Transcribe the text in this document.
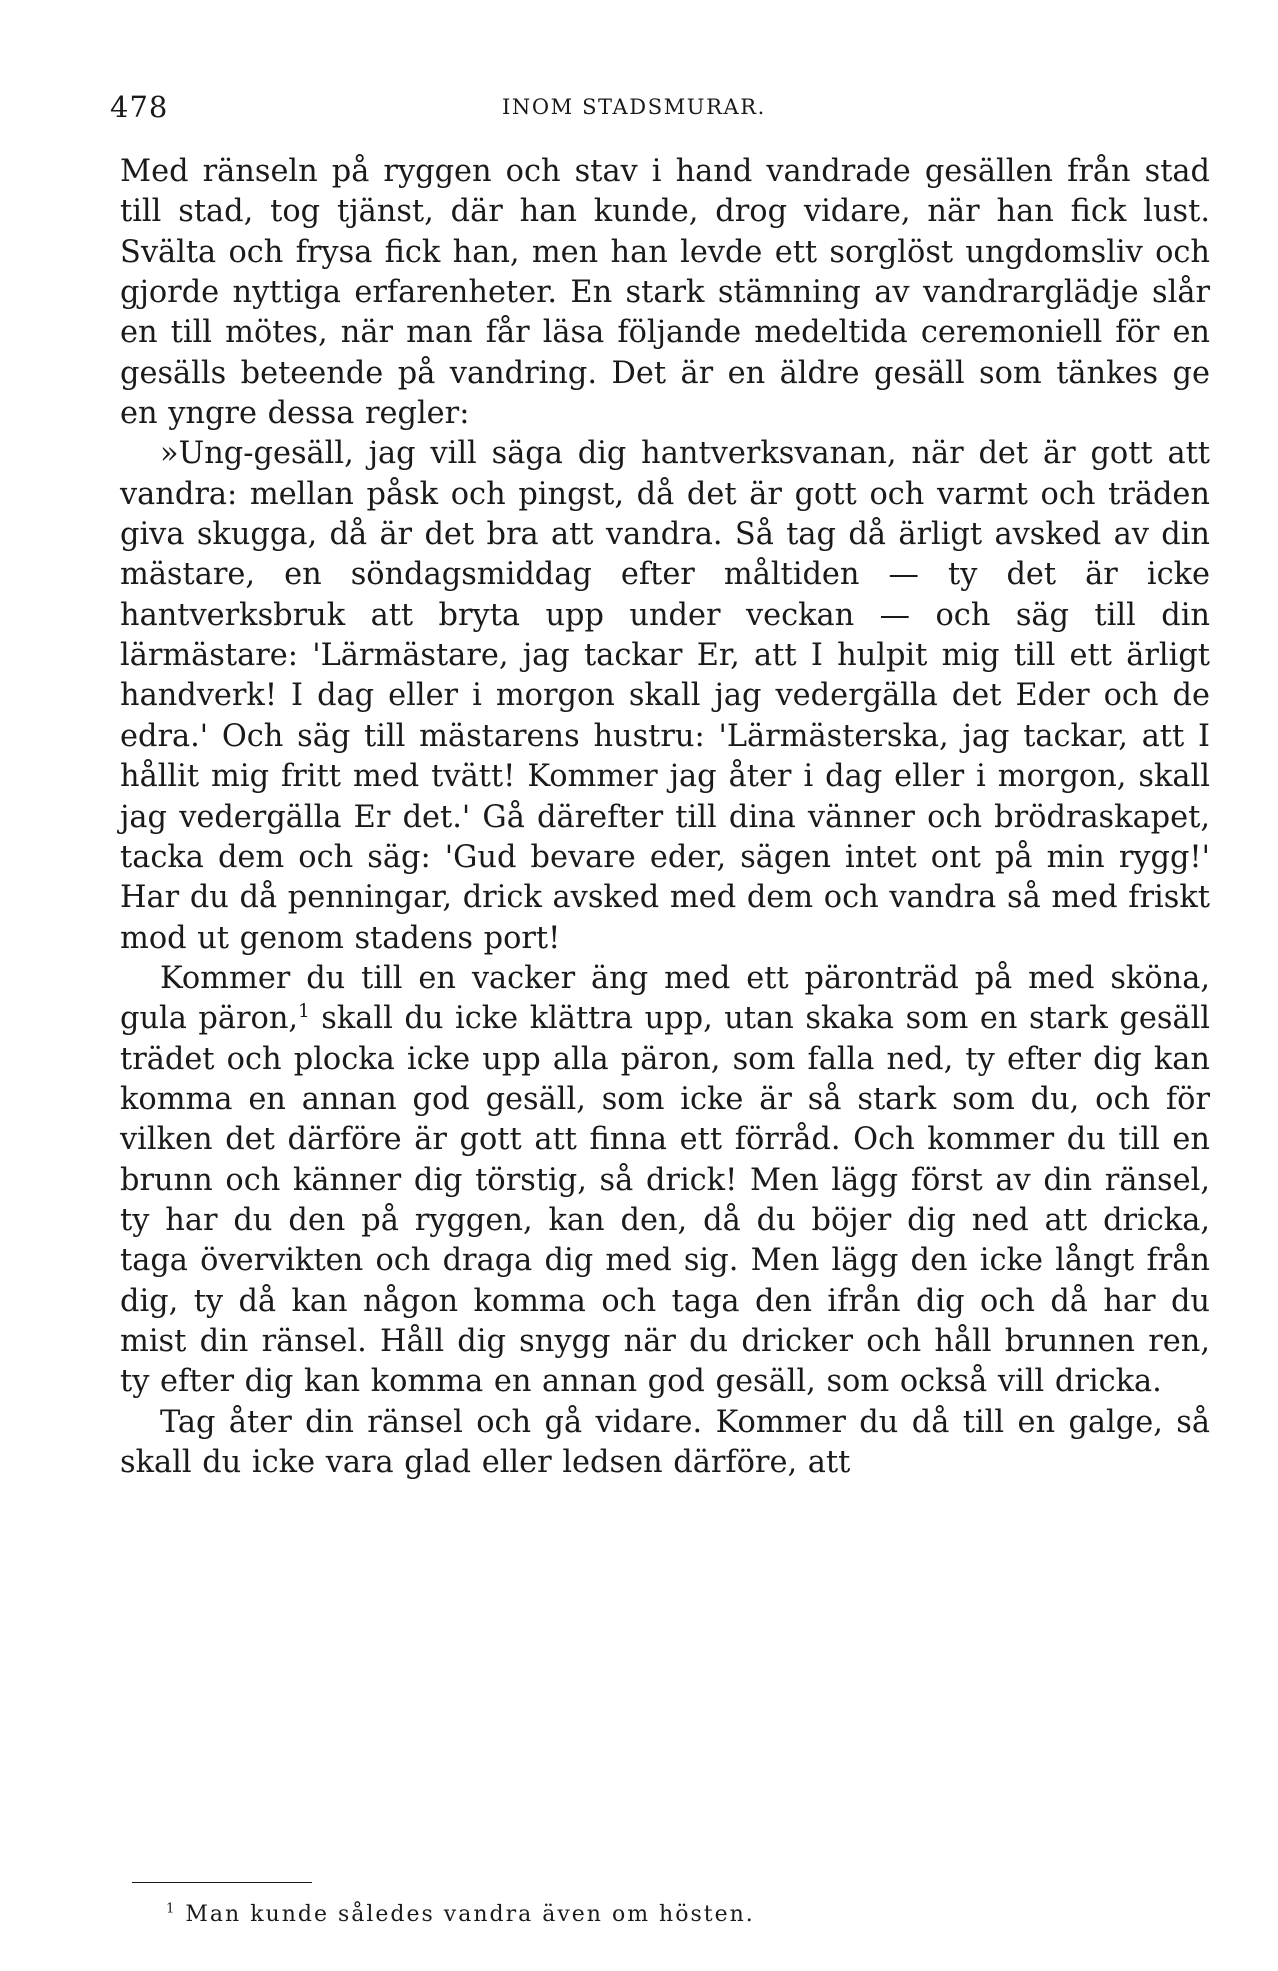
478	INOM STADSMURAR.

Med ränseln på ryggen och stav i hand vandrade gesällen från stad till stad, tog tjänst, där han kunde, drog vidare, när han fick lust. Svälta och frysa fick han, men han levde ett sorglöst ungdomsliv och gjorde nyttiga erfarenheter. En stark stämning av vandrarglädje slår en till mötes, när man får läsa följande medeltida ceremoniell för en gesälls beteende på vandring. Det är en äldre gesäll som tänkes ge en yngre dessa regler:

»Ung-gesäll, jag vill säga dig hantverksvanan, när det är gott att vandra: mellan påsk och pingst, då det är gott och varmt och träden giva skugga, då är det bra att vandra. Så tag då ärligt avsked av din mästare, en söndagsmiddag efter måltiden — ty det är icke hantverksbruk att bryta upp under veckan — och säg till din lärmästare: 'Lärmästare, jag tackar Er, att I hulpit mig till ett ärligt handverk! I dag eller i morgon skall jag vedergälla det Eder och de edra.' Och säg till mästarens hustru: 'Lärmästerska, jag tackar, att I hållit mig fritt med tvätt! Kommer jag åter i dag eller i morgon, skall jag vedergälla Er det.' Gå därefter till dina vänner och brödraskapet, tacka dem och säg: 'Gud bevare eder, sägen intet ont på min rygg!' Har du då penningar, drick avsked med dem och vandra så med friskt mod ut genom stadens port!

Kommer du till en vacker äng med ett päronträd på med sköna, gula päron,$^1$ skall du icke klättra upp, utan skaka som en stark gesäll trädet och plocka icke upp alla päron, som falla ned, ty efter dig kan komma en annan god gesäll, som icke är så stark som du, och för vilken det därföre är gott att finna ett förråd. Och kommer du till en brunn och känner dig törstig, så drick! Men lägg först av din ränsel, ty har du den på ryggen, kan den, då du böjer dig ned att dricka, taga övervikten och draga dig med sig. Men lägg den icke långt från dig, ty då kan någon komma och taga den ifrån dig och då har du mist din ränsel. Håll dig snygg när du dricker och håll brunnen ren, ty efter dig kan komma en annan god gesäll, som också vill dricka.

Tag åter din ränsel och gå vidare. Kommer du då till en galge, så skall du icke vara glad eller ledsen därföre, att

$^1$ Man kunde således vandra även om hösten.
